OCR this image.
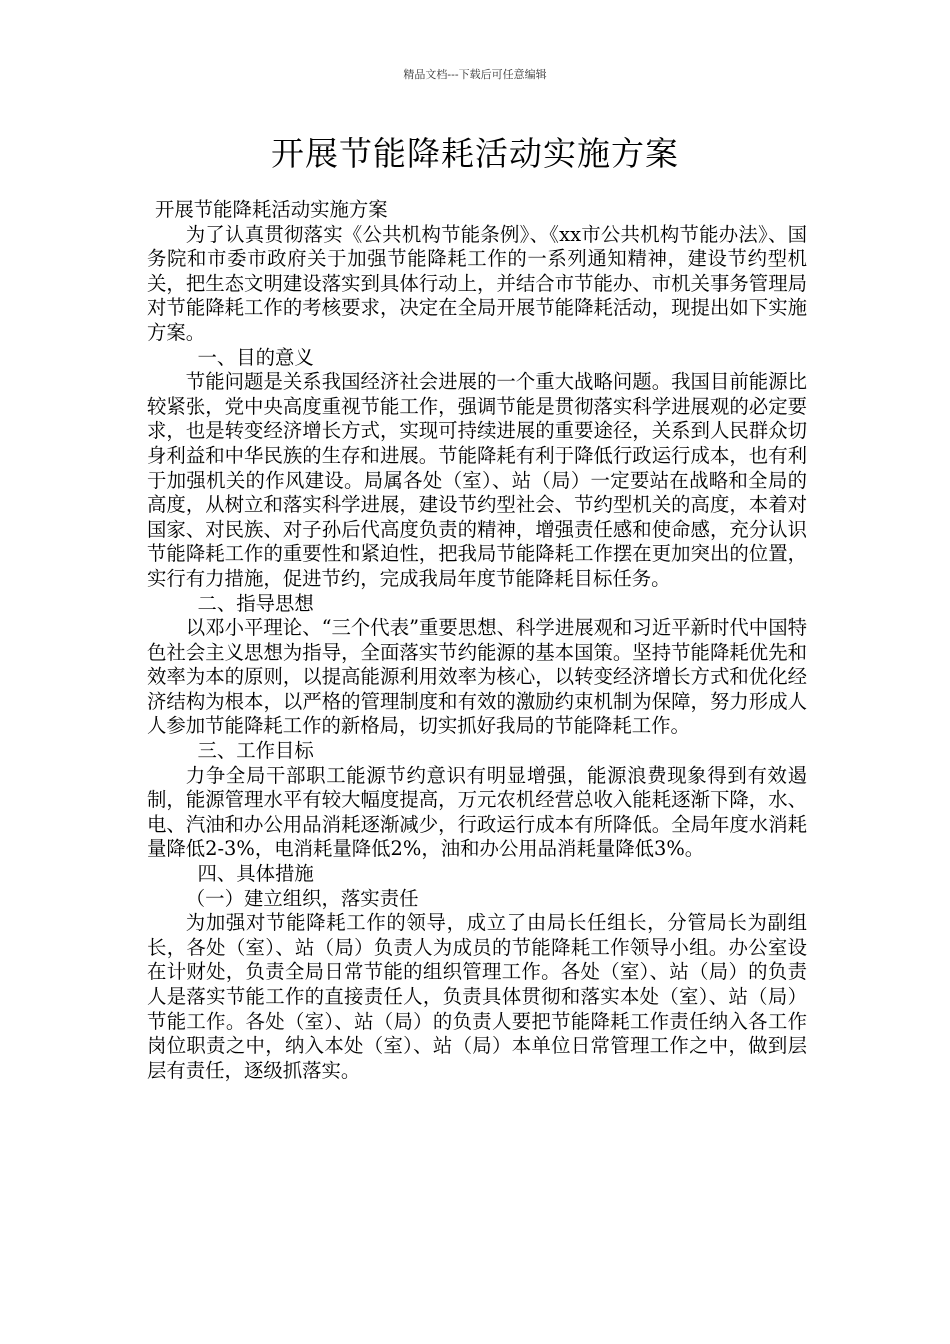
精品文档---下载后可任意编辑
开展节能降耗活动实施方案

开展节能降耗活动实施方案

为了认真贯彻落实《公共机构节能条例》、《xx市公共机构节能办法》、国务院和市委市政府关于加强节能降耗工作的一系列通知精神，建设节约型机关，把生态文明建设落实到具体行动上，并结合市节能办、市机关事务管理局对节能降耗工作的考核要求，决定在全局开展节能降耗活动，现提出如下实施方案。

一、目的意义

节能问题是关系我国经济社会进展的一个重大战略问题。我国目前能源比较紧张，党中央高度重视节能工作，强调节能是贯彻落实科学进展观的必定要求，也是转变经济增长方式，实现可持续进展的重要途径，关系到人民群众切身利益和中华民族的生存和进展。节能降耗有利于降低行政运行成本，也有利于加强机关的作风建设。局属各处（室）、站（局）一定要站在战略和全局的高度，从树立和落实科学进展，建设节约型社会、节约型机关的高度，本着对国家、对民族、对子孙后代高度负责的精神，增强责任感和使命感，充分认识节能降耗工作的重要性和紧迫性，把我局节能降耗工作摆在更加突出的位置，实行有力措施，促进节约，完成我局年度节能降耗目标任务。

二、指导思想

以邓小平理论、“三个代表”重要思想、科学进展观和习近平新时代中国特色社会主义思想为指导，全面落实节约能源的基本国策。坚持节能降耗优先和效率为本的原则，以提高能源利用效率为核心，以转变经济增长方式和优化经济结构为根本，以严格的管理制度和有效的激励约束机制为保障，努力形成人人参加节能降耗工作的新格局，切实抓好我局的节能降耗工作。

三、工作目标

力争全局干部职工能源节约意识有明显增强，能源浪费现象得到有效遏制，能源管理水平有较大幅度提高，万元农机经营总收入能耗逐渐下降，水、电、汽油和办公用品消耗逐渐减少，行政运行成本有所降低。全局年度水消耗量降低2-3%，电消耗量降低2%，油和办公用品消耗量降低3%。

四、具体措施

（一）建立组织，落实责任

为加强对节能降耗工作的领导，成立了由局长任组长，分管局长为副组长，各处（室）、站（局）负责人为成员的节能降耗工作领导小组。办公室设在计财处，负责全局日常节能的组织管理工作。各处（室）、站（局）的负责人是落实节能工作的直接责任人，负责具体贯彻和落实本处（室）、站（局）节能工作。各处（室）、站（局）的负责人要把节能降耗工作责任纳入各工作岗位职责之中，纳入本处（室）、站（局）本单位日常管理工作之中，做到层层有责任，逐级抓落实。
